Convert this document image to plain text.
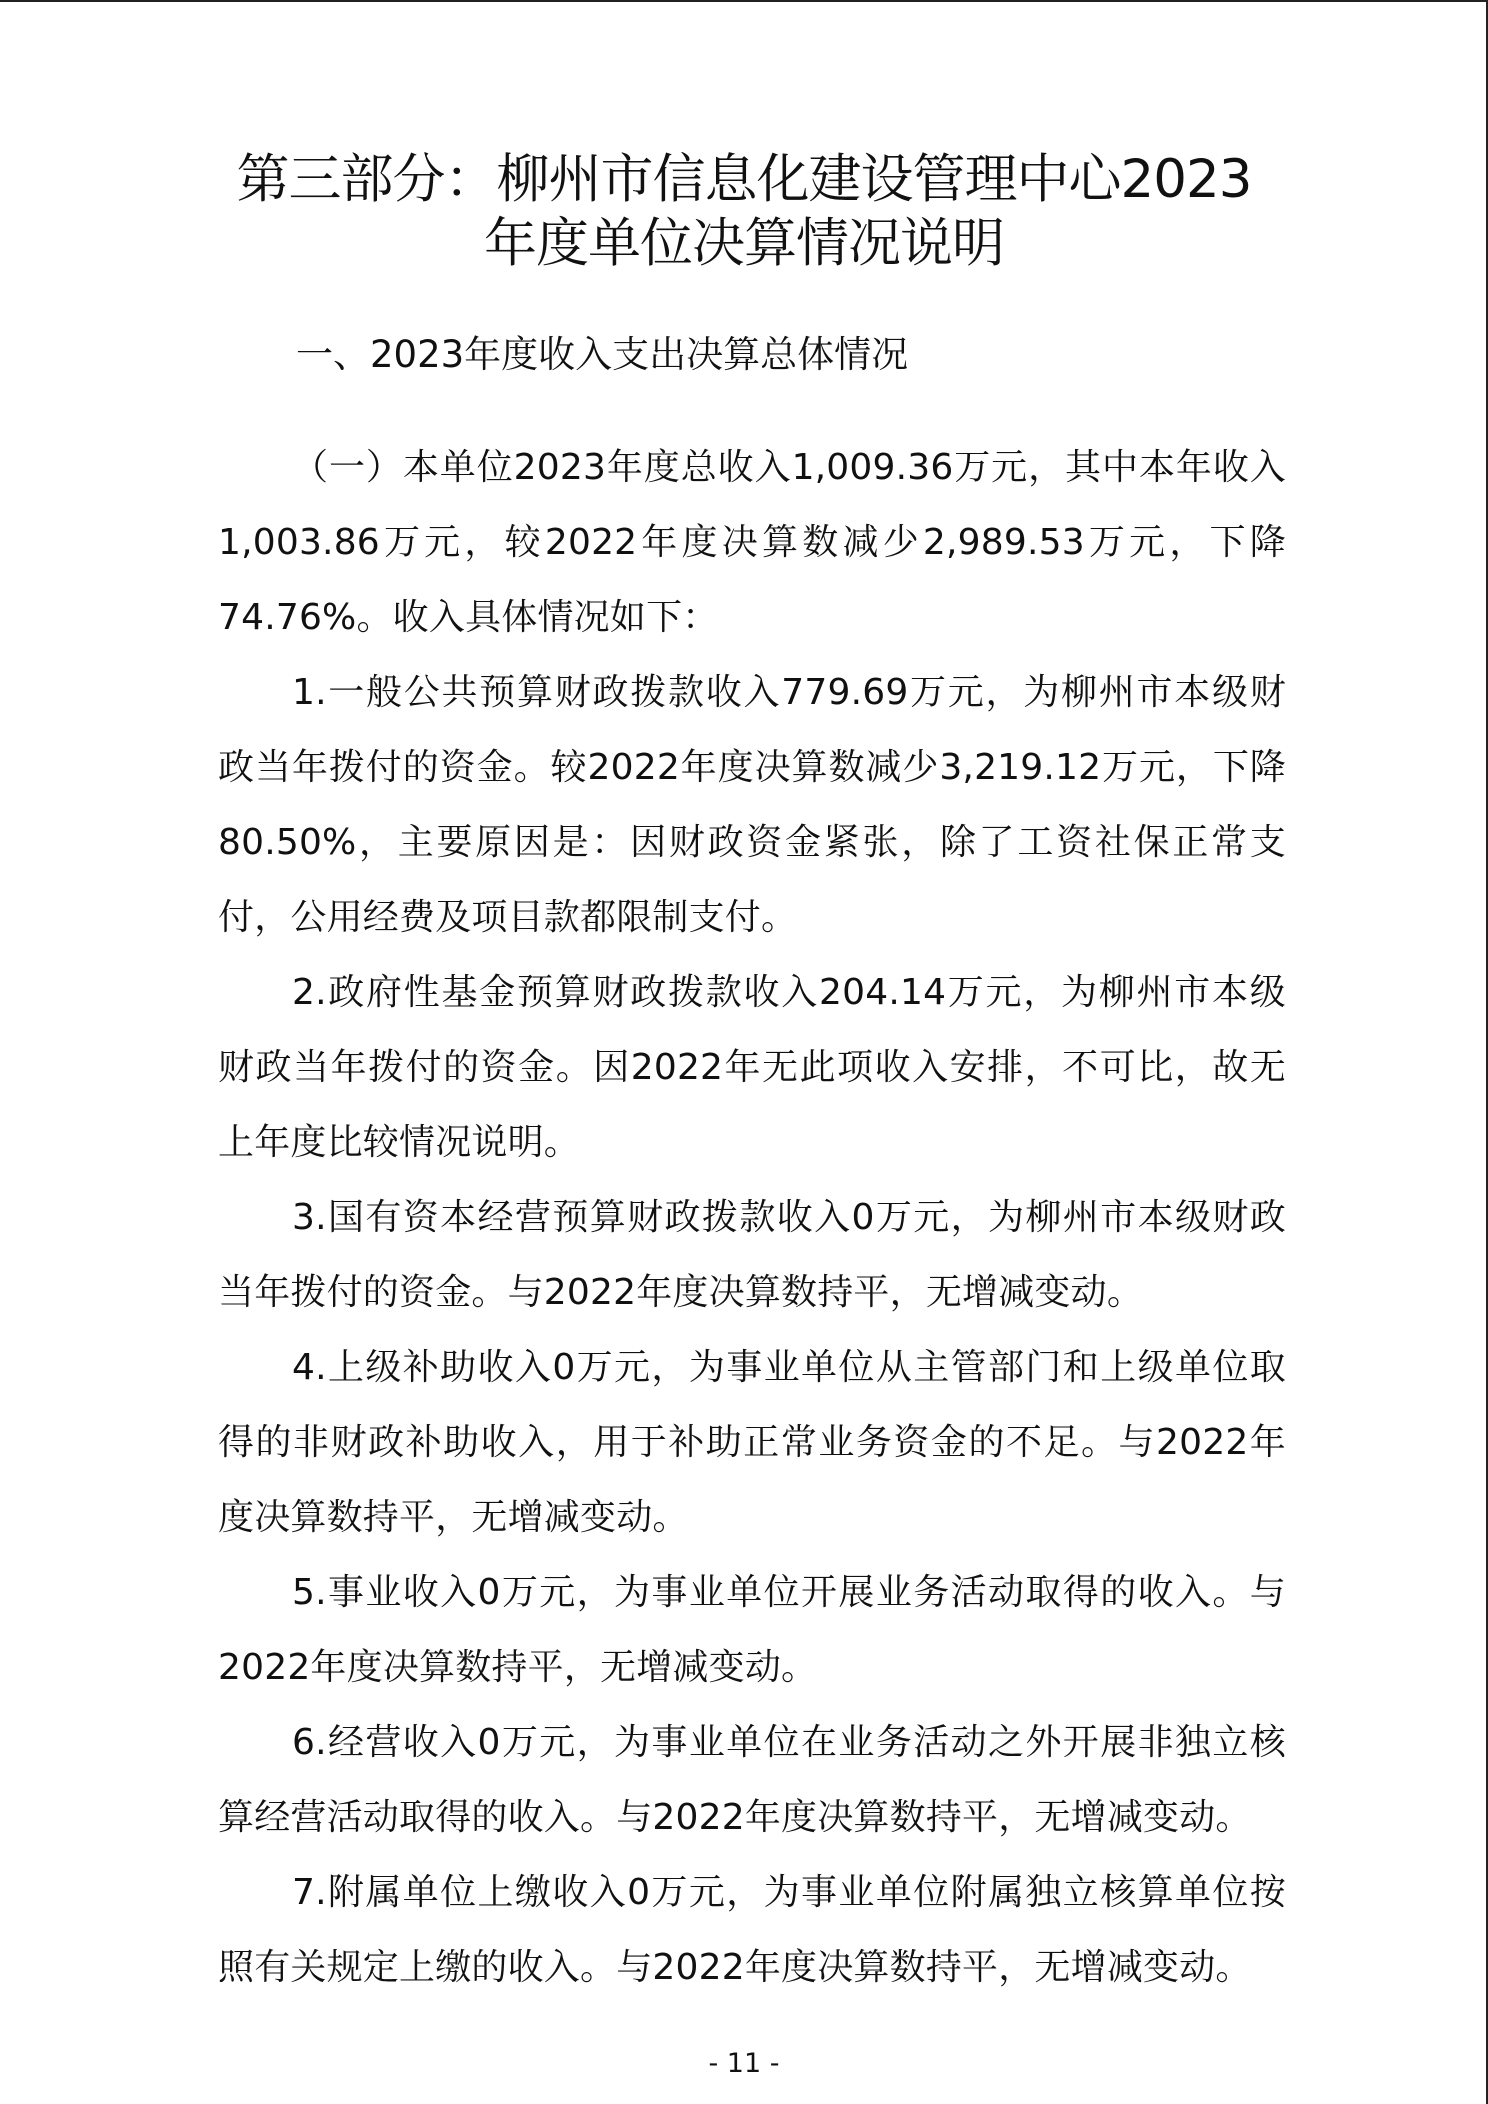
第三部分：柳州市信息化建设管理中心2023
年度单位决算情况说明
一、2023年度收入支出决算总体情况

（一）本单位2023年度总收入1,009.36万元，其中本年收入1,003.86万元，较2022年度决算数减少2,989.53万元，下降74.76%。收入具体情况如下：

1.一般公共预算财政拨款收入779.69万元，为柳州市本级财政当年拨付的资金。较2022年度决算数减少3,219.12万元，下降80.50%，主要原因是：因财政资金紧张，除了工资社保正常支付，公用经费及项目款都限制支付。

2.政府性基金预算财政拨款收入204.14万元，为柳州市本级财政当年拨付的资金。因2022年无此项收入安排，不可比，故无上年度比较情况说明。

3.国有资本经营预算财政拨款收入0万元，为柳州市本级财政当年拨付的资金。与2022年度决算数持平，无增减变动。

4.上级补助收入0万元，为事业单位从主管部门和上级单位取得的非财政补助收入，用于补助正常业务资金的不足。与2022年度决算数持平，无增减变动。

5.事业收入0万元，为事业单位开展业务活动取得的收入。与2022年度决算数持平，无增减变动。

6.经营收入0万元，为事业单位在业务活动之外开展非独立核算经营活动取得的收入。与2022年度决算数持平，无增减变动。

7.附属单位上缴收入0万元，为事业单位附属独立核算单位按照有关规定上缴的收入。与2022年度决算数持平，无增减变动。

- 11 -
